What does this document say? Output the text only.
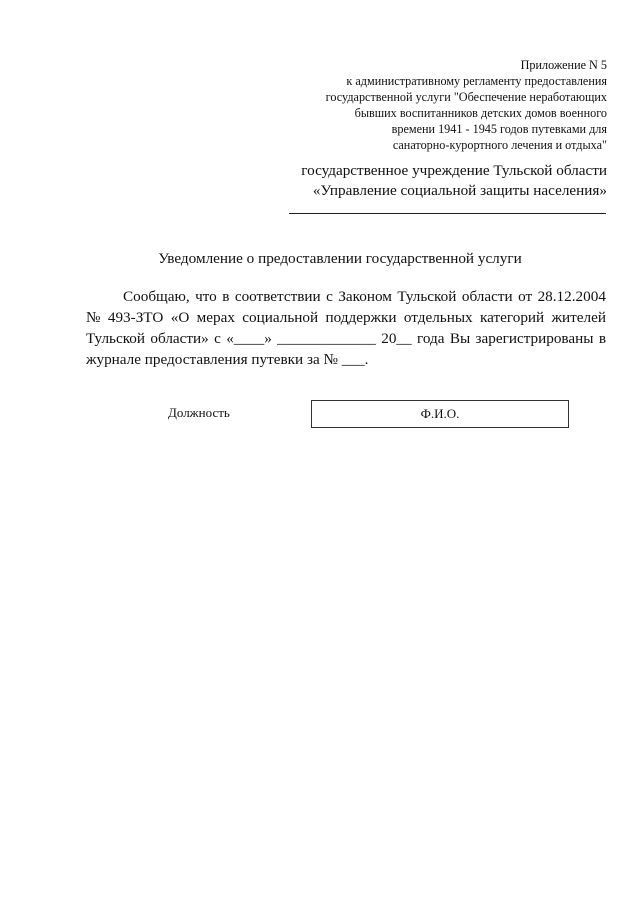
Приложение N 5
к административному регламенту предоставления
государственной услуги "Обеспечение неработающих
бывших воспитанников детских домов военного
времени 1941 - 1945 годов путевками для
санаторно-курортного лечения и отдыха"
государственное учреждение Тульской области
«Управление социальной защиты населения»
Уведомление о предоставлении государственной услуги
Сообщаю, что в соответствии с Законом Тульской области от 28.12.2004
№ 493-ЗТО «О мерах социальной поддержки отдельных категорий жителей
Тульской области» с «____» _____________ 20__ года Вы зарегистрированы в
журнале предоставления путевки за № ___.
Должность	Ф.И.О.
